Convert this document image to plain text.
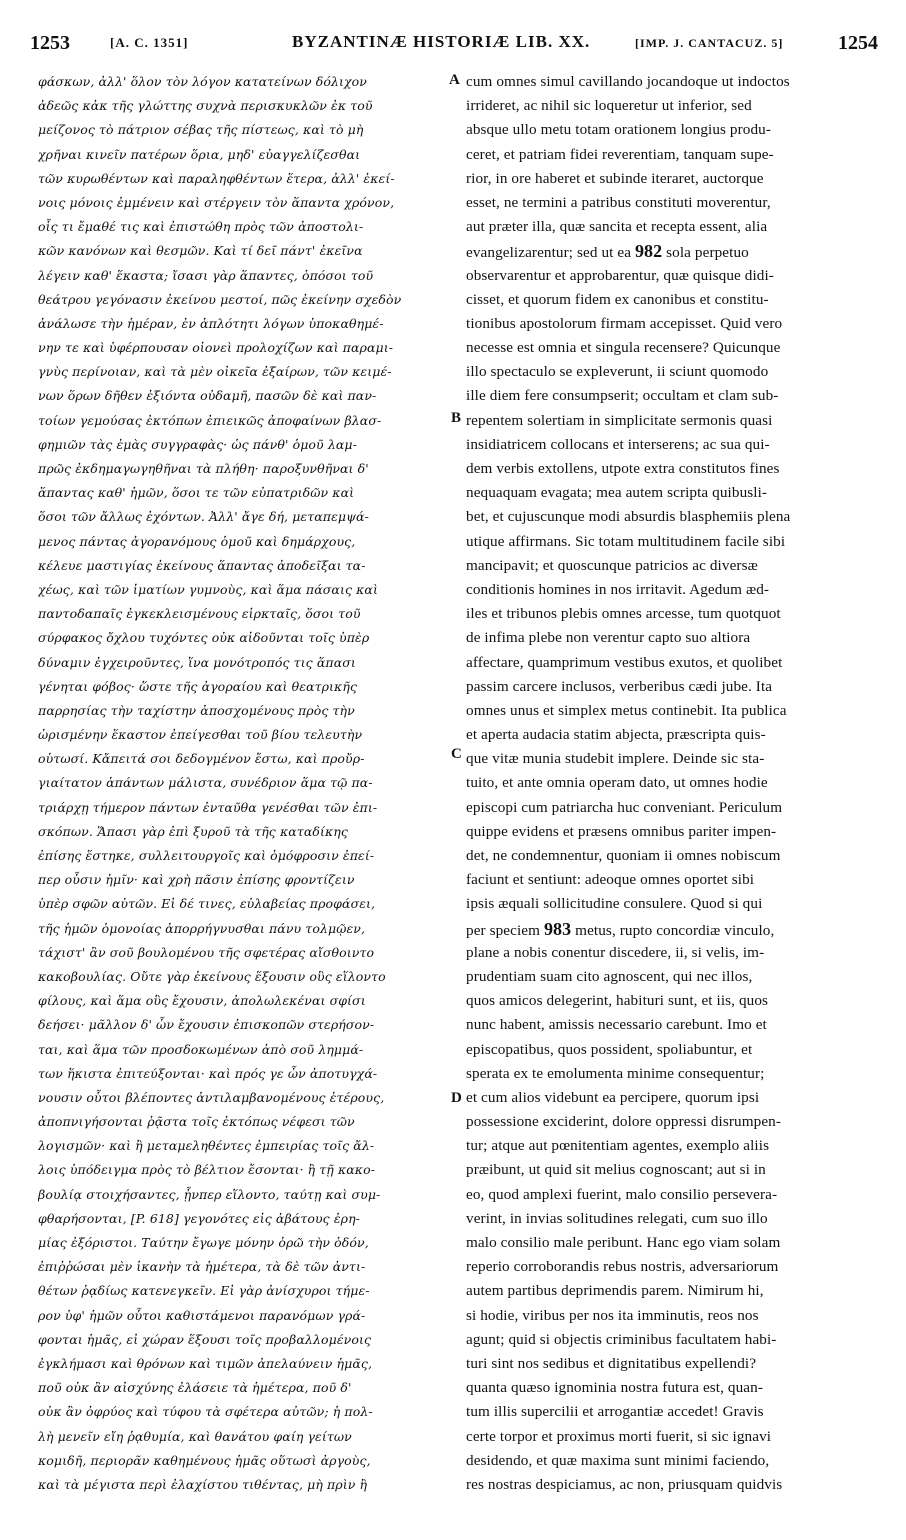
1253	[A. C. 1351]	BYZANTINÆ HISTORIÆ LIB. XX.	[IMP. J. CANTACUZ. 5]	1254
φάσκων, ἀλλ' ὅλον τὸν λόγον κατατείνων δόλιχον
ἀδεῶς κἀκ τῆς γλώττης συχνὰ περισκυκλῶν ἐκ τοῦ
μείζονος τὸ πάτριον σέβας τῆς πίστεως, καὶ τὸ μὴ
χρῆναι κινεῖν πατέρων ὅρια, μηδ' εὐαγγελίζεσθαι
τῶν κυρωθέντων καὶ παραληφθέντων ἕτερα, ἀλλ' ἐκεί-
νοις μόνοις ἐμμένειν καὶ στέργειν τὸν ἅπαντα χρόνον,
οἷς τι ἔμαθέ τις καὶ ἐπιστώθη πρὸς τῶν ἀποστολι-
κῶν κανόνων καὶ θεσμῶν. Καὶ τί δεῖ πάντ' ἐκεῖνα
λέγειν καθ' ἕκαστα; ἴσασι γὰρ ἅπαντες, ὁπόσοι τοῦ
θεάτρου γεγόνασιν ἐκείνου μεστοί, πῶς ἐκείνην σχεδὸν
ἀνάλωσε τὴν ἡμέραν, ἐν ἁπλότητι λόγων ὑποκαθημέ-
νην τε καὶ ὑφέρπουσαν οἱονεὶ προλοχίζων καὶ παραμι-
γνὺς περίνοιαν, καὶ τὰ μὲν οἰκεῖα ἐξαίρων, τῶν κειμέ-
νων ὅρων δῆθεν ἐξιόντα οὐδαμῆ, πασῶν δὲ καὶ παν-
τοίων γεμούσας ἐκτόπων ἐπιεικῶς ἀποφαίνων βλασ-
φημιῶν τὰς ἐμὰς συγγραφὰς· ὡς πάνθ' ὁμοῦ λαμ-
πρῶς ἐκδημαγωγηθῆναι τὰ πλήθη· παροξυνθῆναι δ'
ἅπαντας καθ' ἡμῶν, ὅσοι τε τῶν εὐπατριδῶν καὶ
ὅσοι τῶν ἄλλως ἐχόντων. Ἀλλ' ἄγε δή, μεταπεμψά-
μενος πάντας ἀγορανόμους ὁμοῦ καὶ δημάρχους,
κέλευε μαστιγίας ἐκείνους ἅπαντας ἀποδεῖξαι τα-
χέως, καὶ τῶν ἱματίων γυμνοὺς, καὶ ἅμα πάσαις καὶ
παντοδαπαῖς ἐγκεκλεισμένους εἱρκταῖς, ὅσοι τοῦ
σύρφακος ὄχλου τυχόντες οὐκ αἰδοῦνται τοῖς ὑπὲρ
δύναμιν ἐγχειροῦντες, ἵνα μονότροπός τις ἅπασι
γένηται φόβος· ὥστε τῆς ἀγοραίου καὶ θεατρικῆς
παρρησίας τὴν ταχίστην ἀποσχομένους πρὸς τὴν
ὡρισμένην ἕκαστον ἐπείγεσθαι τοῦ βίου τελευτὴν
οὑτωσί. Κἄπειτά σοι δεδογμένον ἔστω, καὶ προὔρ-
γιαίτατον ἁπάντων μάλιστα, συνέδριον ἅμα τῷ πα-
τριάρχῃ τήμερον πάντων ἐνταῦθα γενέσθαι τῶν ἐπι-
σκόπων. Ἅπασι γὰρ ἐπὶ ξυροῦ τὰ τῆς καταδίκης
ἐπίσης ἕστηκε, συλλειτουργοῖς καὶ ὁμόφροσιν ἐπεί-
περ οὖσιν ἡμῖν· καὶ χρὴ πᾶσιν ἐπίσης φροντίζειν
ὑπὲρ σφῶν αὐτῶν. Εἰ δέ τινες, εὐλαβείας προφάσει,
τῆς ἡμῶν ὁμονοίας ἀπορρήγνυσθαι πάνυ τολμῷεν,
τάχιστ' ἂν σοῦ βουλομένου τῆς σφετέρας αἴσθοιντο
κακοβουλίας. Οὔτε γὰρ ἐκείνους ἕξουσιν οὓς εἵλοντο
φίλους, καὶ ἅμα οὓς ἔχουσιν, ἀπολωλεκέναι σφίσι
δεήσει· μᾶλλον δ' ὧν ἔχουσιν ἐπισκοπῶν στερήσον-
ται, καὶ ἅμα τῶν προσδοκωμένων ἀπὸ σοῦ λημμά-
των ἥκιστα ἐπιτεύξονται· καὶ πρός γε ὧν ἀποτυγχά-
νουσιν οὗτοι βλέποντες ἀντιλαμβανομένους ἑτέρους,
ἀποπνιγήσονται ῥᾷστα τοῖς ἐκτόπως νέφεσι τῶν
λογισμῶν· καὶ ἢ μεταμεληθέντες ἐμπειρίας τοῖς ἄλ-
λοις ὑπόδειγμα πρὸς τὸ βέλτιον ἔσονται· ἢ τῇ κακο-
βουλίᾳ στοιχήσαντες, ᾗνπερ εἵλοντο, ταύτῃ καὶ συμ-
φθαρήσονται, [P. 618] γεγονότες εἰς ἀβάτους ἐρη-
μίας ἐξόριστοι. Ταύτην ἔγωγε μόνην ὁρῶ τὴν ὁδόν,
ἐπιῤῥώσαι μὲν ἱκανὴν τὰ ἡμέτερα, τὰ δὲ τῶν ἀντι-
θέτων ῥᾳδίως κατενεγκεῖν. Εἰ γὰρ ἀνίσχυροι τήμε-
ρον ὑφ' ἡμῶν οὗτοι καθιστάμενοι παρανόμων γρά-
φονται ἡμᾶς, εἰ χώραν ἕξουσι τοῖς προβαλλομένοις
ἐγκλήμασι καὶ θρόνων καὶ τιμῶν ἀπελαύνειν ἡμᾶς,
ποῦ οὐκ ἂν αἰσχύνης ἐλάσειε τὰ ἡμέτερα, ποῦ δ'
οὐκ ἂν ὀφρύος καὶ τύφου τὰ σφέτερα αὐτῶν; ἡ πολ-
λὴ μενεῖν εἴη ῥᾳθυμία, καὶ θανάτου φαίη γείτων
κομιδῆ, περιορᾶν καθημένους ἡμᾶς οὕτωσὶ ἀργοὺς,
καὶ τὰ μέγιστα περὶ ἐλαχίστου τιθέντας, μὴ πρὶν ἢ
A
B
C
D
cum omnes simul cavillando jocandoque ut indoctos
irrideret, ac nihil sic loqueretur ut inferior, sed
absque ullo metu totam orationem longius produ-
ceret, et patriam fidei reverentiam, tanquam supe-
rior, in ore haberet et subinde iteraret, auctorque
esset, ne termini a patribus constituti moverentur,
aut præter illa, quæ sancita et recepta essent, alia
evangelizarentur; sed ut ea 982 sola perpetuo
observarentur et approbarentur, quæ quisque didi-
cisset, et quorum fidem ex canonibus et constitu-
tionibus apostolorum firmam accepisset. Quid vero
necesse est omnia et singula recensere? Quicunque
illo spectaculo se expleverunt, ii sciunt quomodo
ille diem fere consumpserit; occultam et clam sub-
repentem solertiam in simplicitate sermonis quasi
insidiatricem collocans et interserens; ac sua qui-
dem verbis extollens, utpote extra constitutos fines
nequaquam evagata; mea autem scripta quibusli-
bet, et cujuscunque modi absurdis blasphemiis plena
utique affirmans. Sic totam multitudinem facile sibi
mancipavit; et quoscunque patricios ac diversæ
conditionis homines in nos irritavit. Agedum æd-
iles et tribunos plebis omnes arcesse, tum quotquot
de infima plebe non verentur capto suo altiora
affectare, quamprimum vestibus exutos, et quolibet
passim carcere inclusos, verberibus cædi jube. Ita
omnes unus et simplex metus continebit. Ita publica
et aperta audacia statim abjecta, præscripta quis-
que vitæ munia studebit implere. Deinde sic sta-
tuito, et ante omnia operam dato, ut omnes hodie
episcopi cum patriarcha huc conveniant. Periculum
quippe evidens et præsens omnibus pariter impen-
det, ne condemnentur, quoniam ii omnes nobiscum
faciunt et sentiunt: adeoque omnes oportet sibi
ipsis æquali sollicitudine consulere. Quod si qui
per speciem 983 metus, rupto concordiæ vinculo,
plane a nobis conentur discedere, ii, si velis, im-
prudentiam suam cito agnoscent, qui nec illos,
quos amicos delegerint, habituri sunt, et iis, quos
nunc habent, amissis necessario carebunt. Imo et
episcopatibus, quos possident, spoliabuntur, et
sperata ex te emolumenta minime consequentur;
et cum alios videbunt ea percipere, quorum ipsi
possessione exciderint, dolore oppressi disrumpen-
tur; atque aut pœnitentiam agentes, exemplo aliis
præibunt, ut quid sit melius cognoscant; aut si in
eo, quod amplexi fuerint, malo consilio persevera-
verint, in invias solitudines relegati, cum suo illo
malo consilio male peribunt. Hanc ego viam solam
reperio corroborandis rebus nostris, adversariorum
autem partibus deprimendis parem. Nimirum hi,
si hodie, viribus per nos ita imminutis, reos nos
agunt; quid si objectis criminibus facultatem habi-
turi sint nos sedibus et dignitatibus expellendi?
quanta quæso ignominia nostra futura est, quan-
tum illis supercilii et arrogantiæ accedet! Gravis
certe torpor et proximus morti fuerit, si sic ignavi
desidendo, et quæ maxima sunt minimi faciendo,
res nostras despiciamus, ac non, priusquam quidvis
